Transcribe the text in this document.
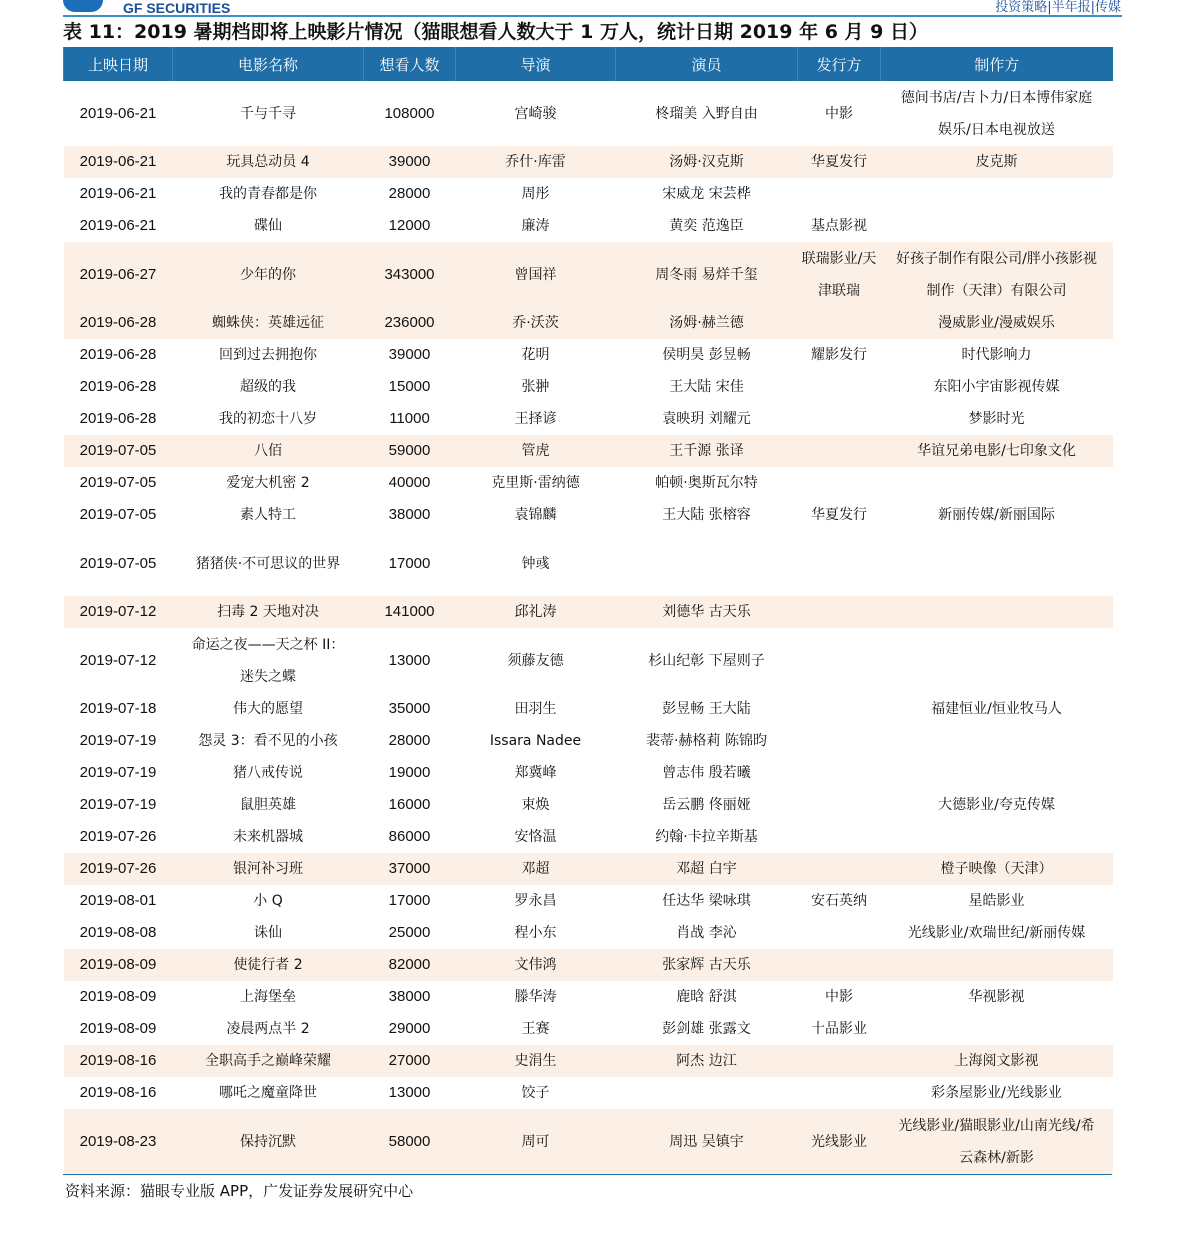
GF SECURITIES	投资策略|半年报|传媒
表 11：2019 暑期档即将上映影片情况（猫眼想看人数大于 1 万人，统计日期 2019 年 6 月 9 日）
上映日期	电影名称	想看人数	导演	演员	发行方	制作方
2019-06-21	千与千寻	108000	宫崎骏	柊瑠美 入野自由	中影	德间书店/吉卜力/日本博伟家庭娱乐/日本电视放送
2019-06-21	玩具总动员 4	39000	乔什·库雷	汤姆·汉克斯	华夏发行	皮克斯
2019-06-21	我的青春都是你	28000	周彤	宋威龙 宋芸桦		
2019-06-21	碟仙	12000	廉涛	黄奕 范逸臣	基点影视	
2019-06-27	少年的你	343000	曾国祥	周冬雨 易烊千玺	联瑞影业/天津联瑞	好孩子制作有限公司/胖小孩影视制作（天津）有限公司
2019-06-28	蜘蛛侠：英雄远征	236000	乔·沃茨	汤姆·赫兰德		漫威影业/漫威娱乐
2019-06-28	回到过去拥抱你	39000	花明	侯明昊 彭昱畅	耀影发行	时代影响力
2019-06-28	超级的我	15000	张翀	王大陆 宋佳		东阳小宇宙影视传媒
2019-06-28	我的初恋十八岁	11000	王择谚	袁映玥 刘耀元		梦影时光
2019-07-05	八佰	59000	管虎	王千源 张译		华谊兄弟电影/七印象文化
2019-07-05	爱宠大机密 2	40000	克里斯·雷纳德	帕顿·奥斯瓦尔特		
2019-07-05	素人特工	38000	袁锦麟	王大陆 张榕容	华夏发行	新丽传媒/新丽国际
2019-07-05	猪猪侠·不可思议的世界	17000	钟彧			
2019-07-12	扫毒 2 天地对决	141000	邱礼涛	刘德华 古天乐		
2019-07-12	命运之夜——天之杯 II：迷失之蝶	13000	须藤友德	杉山纪彰 下屋则子		
2019-07-18	伟大的愿望	35000	田羽生	彭昱畅 王大陆		福建恒业/恒业牧马人
2019-07-19	怨灵 3：看不见的小孩	28000	Issara Nadee	裴蒂·赫格莉 陈锦昀		
2019-07-19	猪八戒传说	19000	郑冀峰	曾志伟 殷若曦		
2019-07-19	鼠胆英雄	16000	束焕	岳云鹏 佟丽娅		大德影业/夸克传媒
2019-07-26	未来机器城	86000	安恪温	约翰·卡拉辛斯基		
2019-07-26	银河补习班	37000	邓超	邓超 白宇		橙子映像（天津）
2019-08-01	小 Q	17000	罗永昌	任达华 梁咏琪	安石英纳	星皓影业
2019-08-08	诛仙	25000	程小东	肖战 李沁		光线影业/欢瑞世纪/新丽传媒
2019-08-09	使徒行者 2	82000	文伟鸿	张家辉 古天乐		
2019-08-09	上海堡垒	38000	滕华涛	鹿晗 舒淇	中影	华视影视
2019-08-09	凌晨两点半 2	29000	王赛	彭剑雄 张露文	十品影业	
2019-08-16	全职高手之巅峰荣耀	27000	史涓生	阿杰 边江		上海阅文影视
2019-08-16	哪吒之魔童降世	13000	饺子			彩条屋影业/光线影业
2019-08-23	保持沉默	58000	周可	周迅 吴镇宇	光线影业	光线影业/猫眼影业/山南光线/希云森林/新影
资料来源：猫眼专业版 APP，广发证券发展研究中心
